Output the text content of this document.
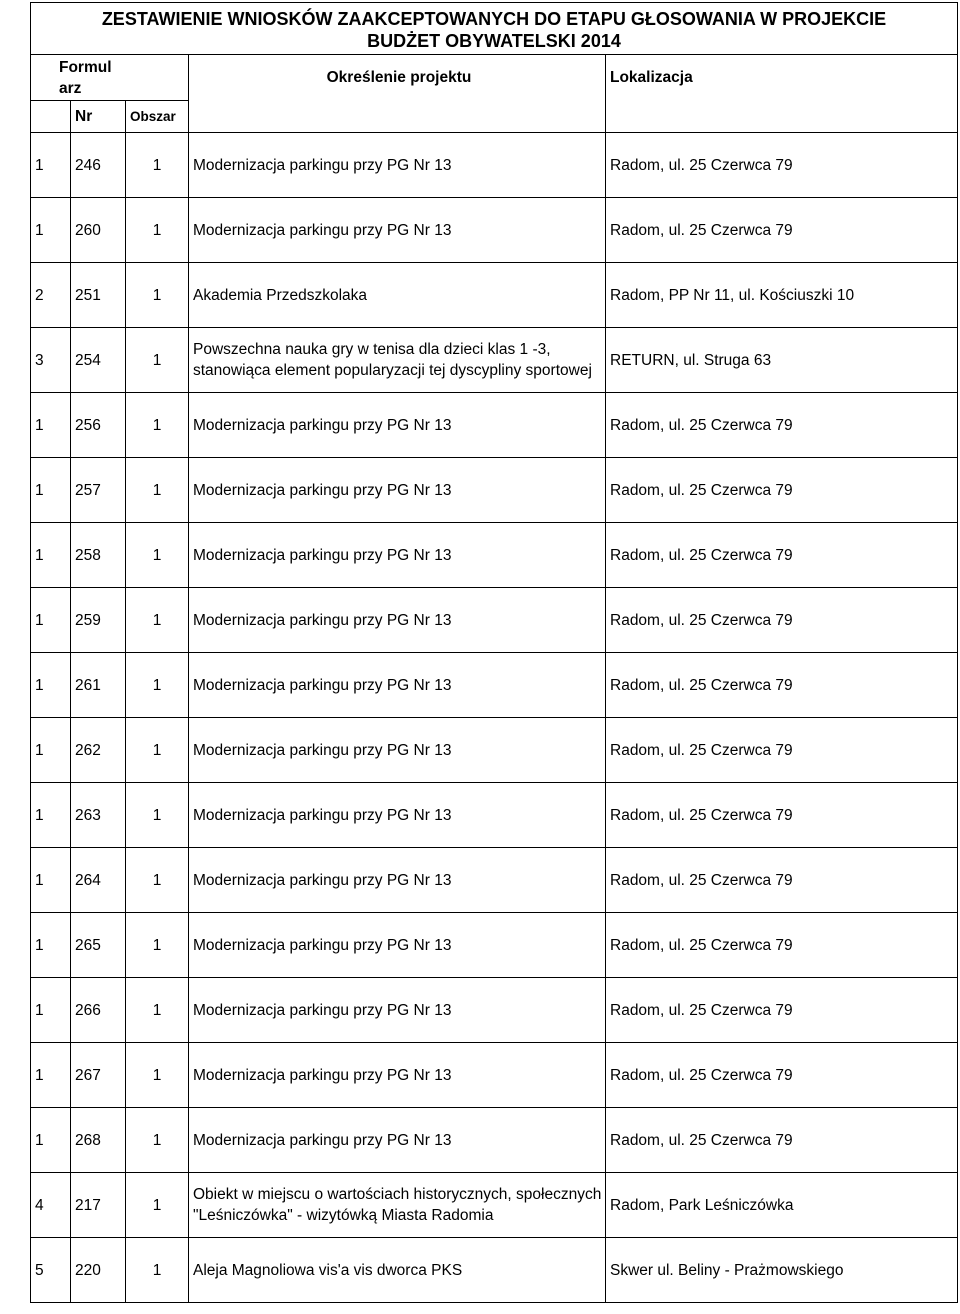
ZESTAWIENIE WNIOSKÓW ZAAKCEPTOWANYCH DO ETAPU GŁOSOWANIA W PROJEKCIE
BUDŻET OBYWATELSKI 2014				
Formul
arz			Określenie projektu	Lokalizacja
	Nr	Obszar		
1	246	1	Modernizacja parkingu przy PG Nr 13	Radom, ul. 25 Czerwca 79
1	260	1	Modernizacja parkingu przy PG Nr 13	Radom, ul. 25 Czerwca 79
2	251	1	Akademia Przedszkolaka	Radom, PP Nr 11, ul. Kościuszki 10
3	254	1	Powszechna nauka gry w tenisa dla dzieci klas 1 -3, stanowiąca element popularyzacji tej dyscypliny sportowej	RETURN, ul. Struga 63
1	256	1	Modernizacja parkingu przy PG Nr 13	Radom, ul. 25 Czerwca 79
1	257	1	Modernizacja parkingu przy PG Nr 13	Radom, ul. 25 Czerwca 79
1	258	1	Modernizacja parkingu przy PG Nr 13	Radom, ul. 25 Czerwca 79
1	259	1	Modernizacja parkingu przy PG Nr 13	Radom, ul. 25 Czerwca 79
1	261	1	Modernizacja parkingu przy PG Nr 13	Radom, ul. 25 Czerwca 79
1	262	1	Modernizacja parkingu przy PG Nr 13	Radom, ul. 25 Czerwca 79
1	263	1	Modernizacja parkingu przy PG Nr 13	Radom, ul. 25 Czerwca 79
1	264	1	Modernizacja parkingu przy PG Nr 13	Radom, ul. 25 Czerwca 79
1	265	1	Modernizacja parkingu przy PG Nr 13	Radom, ul. 25 Czerwca 79
1	266	1	Modernizacja parkingu przy PG Nr 13	Radom, ul. 25 Czerwca 79
1	267	1	Modernizacja parkingu przy PG Nr 13	Radom, ul. 25 Czerwca 79
1	268	1	Modernizacja parkingu przy PG Nr 13	Radom, ul. 25 Czerwca 79
4	217	1	Obiekt w miejscu o wartościach historycznych, społecznych "Leśniczówka" - wizytówką Miasta Radomia	Radom, Park Leśniczówka
5	220	1	Aleja Magnoliowa vis'a vis dworca PKS	Skwer ul. Beliny - Prażmowskiego
